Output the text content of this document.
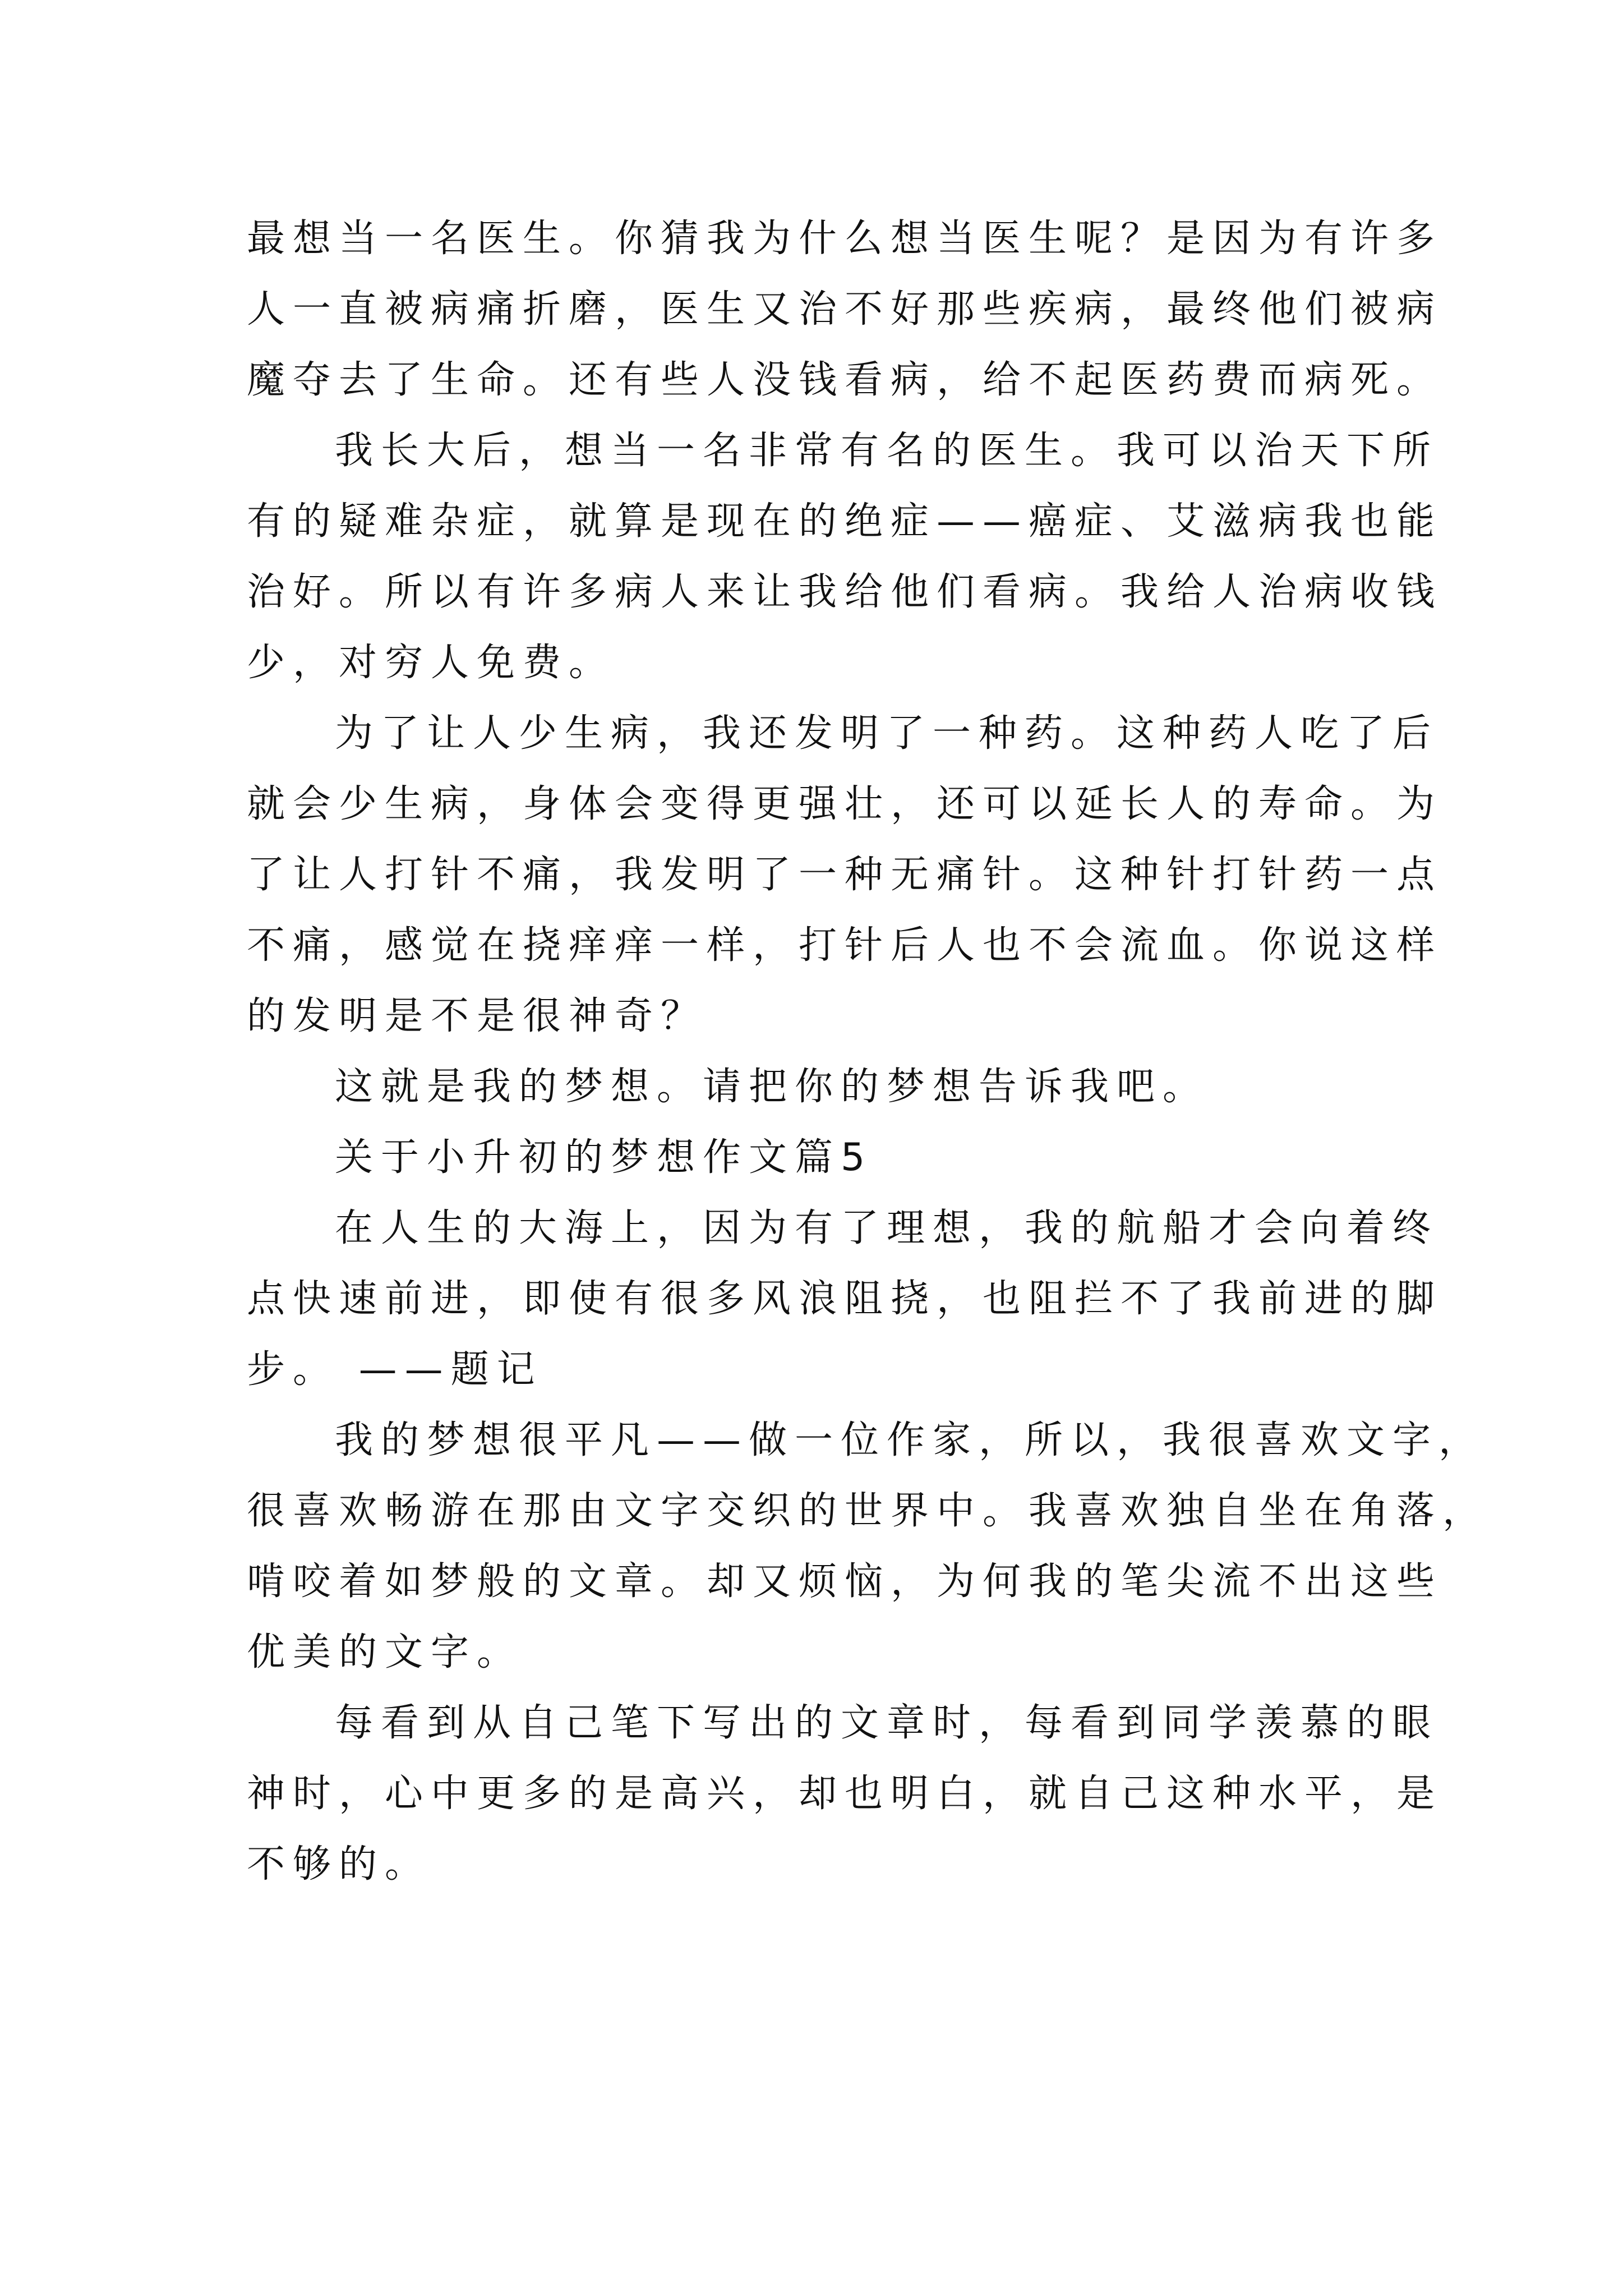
最想当一名医生。你猜我为什么想当医生呢？是因为有许多
人一直被病痛折磨，医生又治不好那些疾病，最终他们被病
魔夺去了生命。还有些人没钱看病，给不起医药费而病死。
我长大后，想当一名非常有名的医生。我可以治天下所
有的疑难杂症，就算是现在的绝症——癌症、艾滋病我也能
治好。所以有许多病人来让我给他们看病。我给人治病收钱
少，对穷人免费。
为了让人少生病，我还发明了一种药。这种药人吃了后
就会少生病，身体会变得更强壮，还可以延长人的寿命。为
了让人打针不痛，我发明了一种无痛针。这种针打针药一点
不痛，感觉在挠痒痒一样，打针后人也不会流血。你说这样
的发明是不是很神奇？
这就是我的梦想。请把你的梦想告诉我吧。
关于小升初的梦想作文篇5
在人生的大海上，因为有了理想，我的航船才会向着终
点快速前进，即使有很多风浪阻挠，也阻拦不了我前进的脚
步。 ——题记
我的梦想很平凡——做一位作家，所以，我很喜欢文字，
很喜欢畅游在那由文字交织的世界中。我喜欢独自坐在角落，
啃咬着如梦般的文章。却又烦恼，为何我的笔尖流不出这些
优美的文字。
每看到从自己笔下写出的文章时，每看到同学羡慕的眼
神时，心中更多的是高兴，却也明白，就自己这种水平，是
不够的。
